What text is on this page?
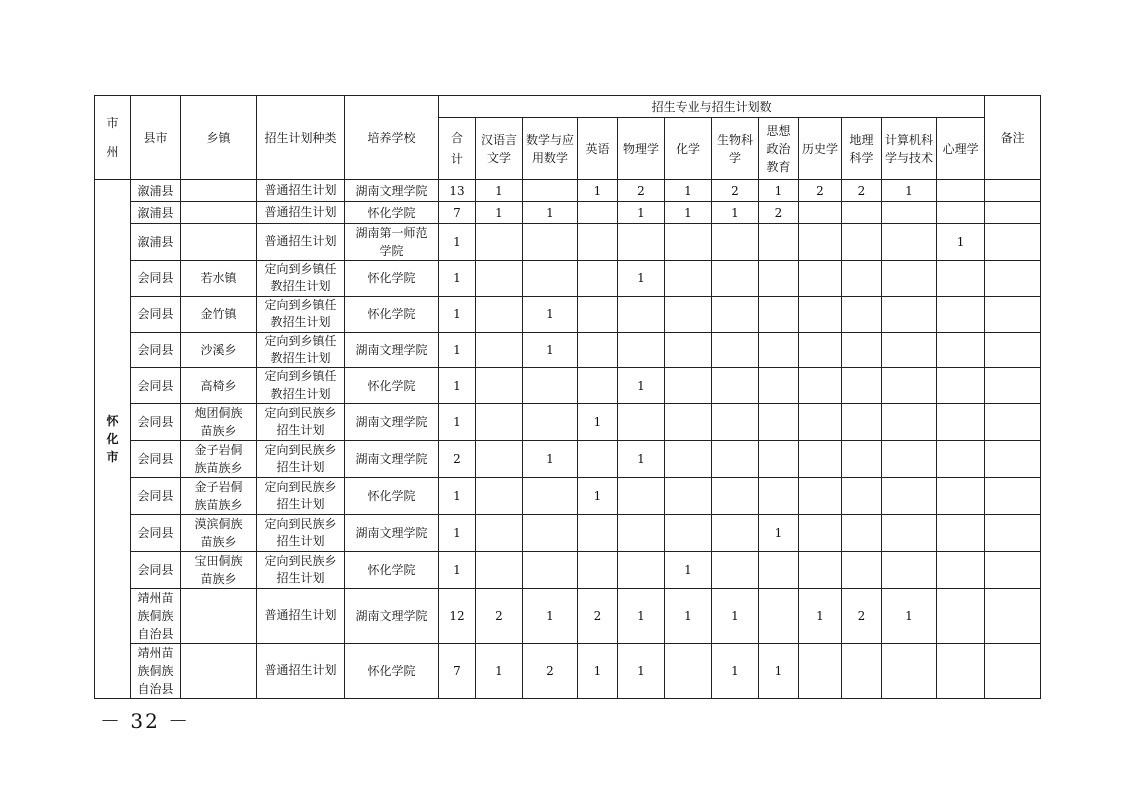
市州	县市	乡镇	招生计划种类	培养学校	招生专业与招生计划数												备注
					合计	汉语言文学	数学与应用数学	英语	物理学	化学	生物科学	思想政治教育	历史学	地理科学	计算机科学与技术	心理学	
怀化市	溆浦县		普通招生计划	湖南文理学院	13	1		1	2	1	2	1	2	2	1		
	溆浦县		普通招生计划	怀化学院	7	1	1		1	1	1	2					
	溆浦县		普通招生计划	湖南第一师范学院	1											1	
	会同县	若水镇	定向到乡镇任教招生计划	怀化学院	1				1								
	会同县	金竹镇	定向到乡镇任教招生计划	怀化学院	1		1										
	会同县	沙溪乡	定向到乡镇任教招生计划	湖南文理学院	1		1										
	会同县	高椅乡	定向到乡镇任教招生计划	怀化学院	1				1								
	会同县	炮团侗族苗族乡	定向到民族乡招生计划	湖南文理学院	1			1									
	会同县	金子岩侗族苗族乡	定向到民族乡招生计划	湖南文理学院	2		1		1								
	会同县	金子岩侗族苗族乡	定向到民族乡招生计划	怀化学院	1			1									
	会同县	漠滨侗族苗族乡	定向到民族乡招生计划	湖南文理学院	1							1					
	会同县	宝田侗族苗族乡	定向到民族乡招生计划	怀化学院	1					1							
	靖州苗族侗族自治县		普通招生计划	湖南文理学院	12	2	1	2	1	1	1		1	2	1		
	靖州苗族侗族自治县		普通招生计划	怀化学院	7	1	2	1	1		1	1					
－ 32 －
